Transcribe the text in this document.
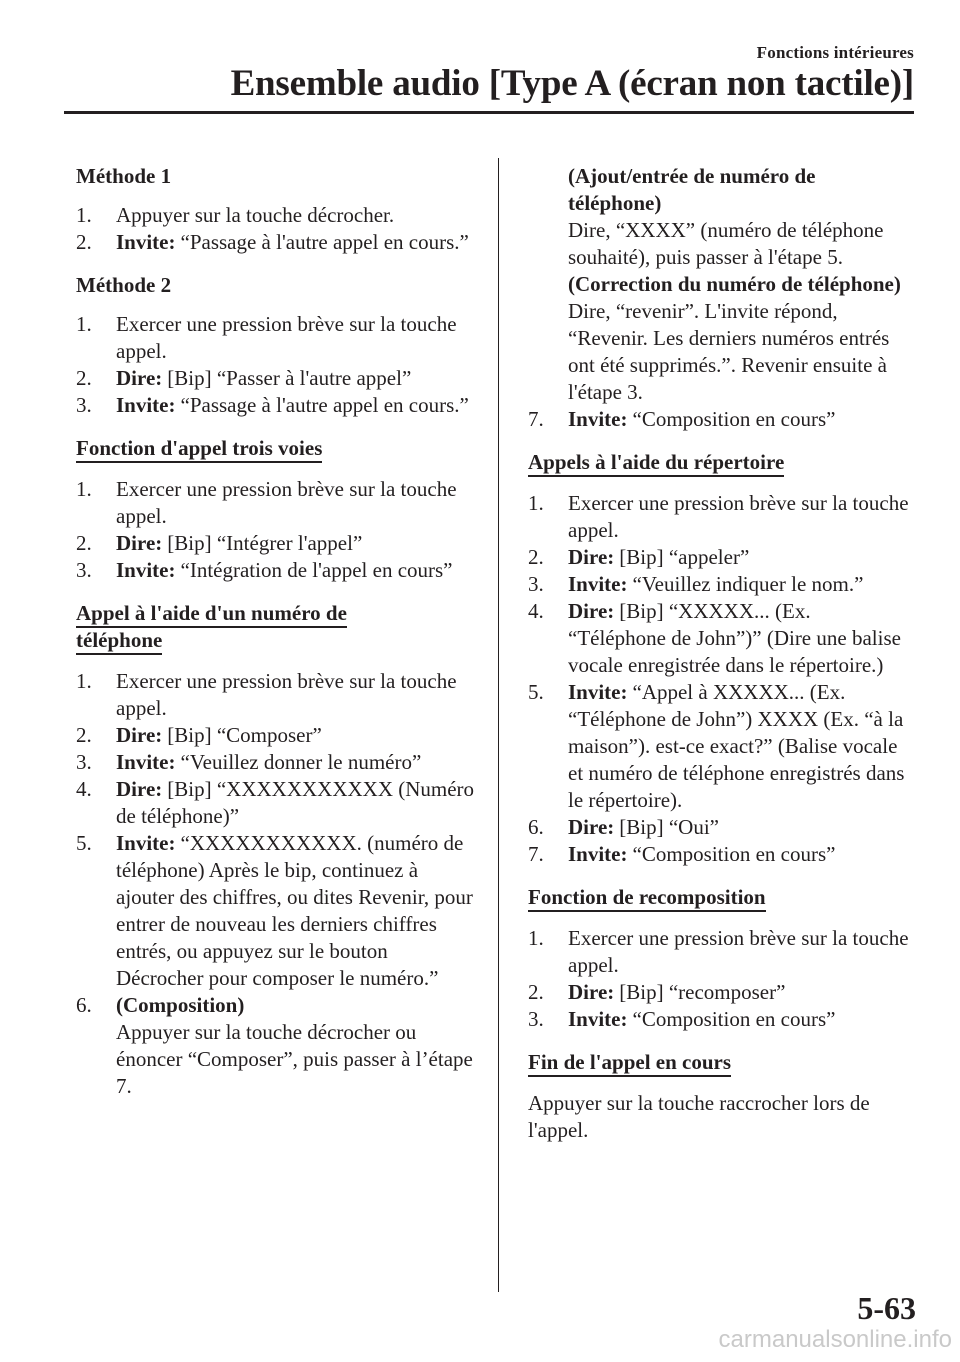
Fonctions intérieures
Ensemble audio [Type A (écran non tactile)]

Méthode 1

1. Appuyer sur la touche décrocher.
2. Invite: “Passage à l'autre appel en cours.”

Méthode 2

1. Exercer une pression brève sur la touche appel.
2. Dire: [Bip] “Passer à l'autre appel”
3. Invite: “Passage à l'autre appel en cours.”

Fonction d'appel trois voies

1. Exercer une pression brève sur la touche appel.
2. Dire: [Bip] “Intégrer l'appel”
3. Invite: “Intégration de l'appel en cours”

Appel à l'aide d'un numéro de
téléphone

1. Exercer une pression brève sur la touche appel.
2. Dire: [Bip] “Composer”
3. Invite: “Veuillez donner le numéro”
4. Dire: [Bip] “XXXXXXXXXXX (Numéro de téléphone)”
5. Invite: “XXXXXXXXXXX. (numéro de téléphone) Après le bip, continuez à ajouter des chiffres, ou dites Revenir, pour entrer de nouveau les derniers chiffres entrés, ou appuyez sur le bouton Décrocher pour composer le numéro.”
6. (Composition)
Appuyer sur la touche décrocher ou énoncer “Composer”, puis passer à l’étape 7.
(Ajout/entrée de numéro de téléphone)
Dire, “XXXX” (numéro de téléphone souhaité), puis passer à l'étape 5.
(Correction du numéro de téléphone)
Dire, “revenir”. L'invite répond, “Revenir. Les derniers numéros entrés ont été supprimés.”. Revenir ensuite à l'étape 3.
7. Invite: “Composition en cours”

Appels à l'aide du répertoire

1. Exercer une pression brève sur la touche appel.
2. Dire: [Bip] “appeler”
3. Invite: “Veuillez indiquer le nom.”
4. Dire: [Bip] “XXXXX... (Ex. “Téléphone de John”)” (Dire une balise vocale enregistrée dans le répertoire.)
5. Invite: “Appel à XXXXX... (Ex. “Téléphone de John”) XXXX (Ex. “à la maison”). est-ce exact?” (Balise vocale et numéro de téléphone enregistrés dans le répertoire).
6. Dire: [Bip] “Oui”
7. Invite: “Composition en cours”

Fonction de recomposition

1. Exercer une pression brève sur la touche appel.
2. Dire: [Bip] “recomposer”
3. Invite: “Composition en cours”

Fin de l'appel en cours

Appuyer sur la touche raccrocher lors de l'appel.

5-63
carmanualsonline.info
